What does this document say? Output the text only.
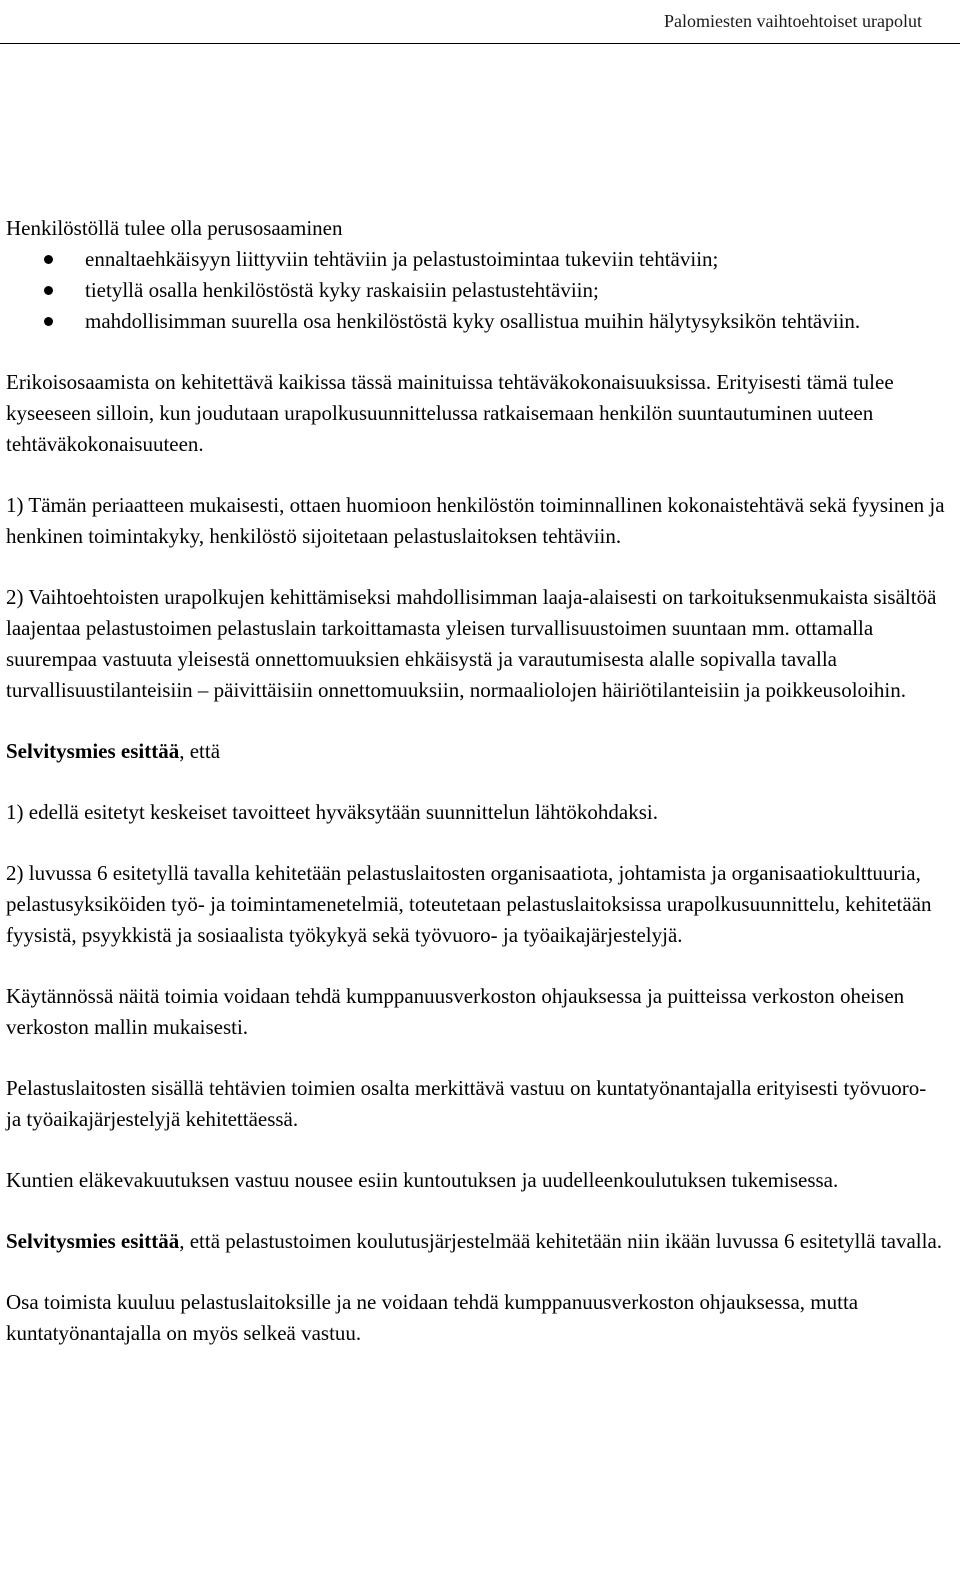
Palomiesten vaihtoehtoiset urapolut

Henkilöstöllä tulee olla perusosaaminen

ennaltaehkäisyyn liittyviin tehtäviin ja pelastustoimintaa tukeviin tehtäviin;
tietyllä osalla henkilöstöstä kyky raskaisiin pelastustehtäviin;
mahdollisimman suurella osa henkilöstöstä kyky osallistua muihin hälytysyksikön tehtäviin.

Erikoisosaamista on kehitettävä kaikissa tässä mainituissa tehtäväkokonaisuuksissa. Erityisesti tämä tulee kyseeseen silloin, kun joudutaan urapolkusuunnittelussa ratkaisemaan henkilön suuntautuminen uuteen tehtäväkokonaisuuteen.

1) Tämän periaatteen mukaisesti, ottaen huomioon henkilöstön toiminnallinen kokonaistehtävä sekä fyysinen ja henkinen toimintakyky, henkilöstö sijoitetaan pelastuslaitoksen tehtäviin.

2) Vaihtoehtoisten urapolkujen kehittämiseksi mahdollisimman laaja-alaisesti on tarkoituksenmukaista sisältöä laajentaa pelastustoimen pelastuslain tarkoittamasta yleisen turvallisuustoimen suuntaan mm. ottamalla suurempaa vastuuta yleisestä onnettomuuksien ehkäisystä ja varautumisesta alalle sopivalla tavalla turvallisuustilanteisiin – päivittäisiin onnettomuuksiin, normaaliolojen häiriötilanteisiin ja poikkeusoloihin.

Selvitysmies esittää, että

1) edellä esitetyt keskeiset tavoitteet hyväksytään suunnittelun lähtökohdaksi.

2) luvussa 6 esitetyllä tavalla kehitetään pelastuslaitosten organisaatiota, johtamista ja organisaatiokulttuuria, pelastusyksiköiden työ- ja toimintamenetelmiä, toteutetaan pelastuslaitoksissa urapolkusuunnittelu, kehitetään fyysistä, psyykkistä ja sosiaalista työkykyä sekä työvuoro- ja työaikajärjestelyjä.

Käytännössä näitä toimia voidaan tehdä kumppanuusverkoston ohjauksessa ja puitteissa verkoston oheisen verkoston mallin mukaisesti.

Pelastuslaitosten sisällä tehtävien toimien osalta merkittävä vastuu on kuntatyönantajalla erityisesti työvuoro- ja työaikajärjestelyjä kehitettäessä.

Kuntien eläkevakuutuksen vastuu nousee esiin kuntoutuksen ja uudelleenkoulutuksen tukemisessa.

Selvitysmies esittää, että pelastustoimen koulutusjärjestelmää kehitetään niin ikään luvussa 6 esitetyllä tavalla.

Osa toimista kuuluu pelastuslaitoksille ja ne voidaan tehdä kumppanuusverkoston ohjauksessa, mutta kuntatyönantajalla on myös selkeä vastuu.
